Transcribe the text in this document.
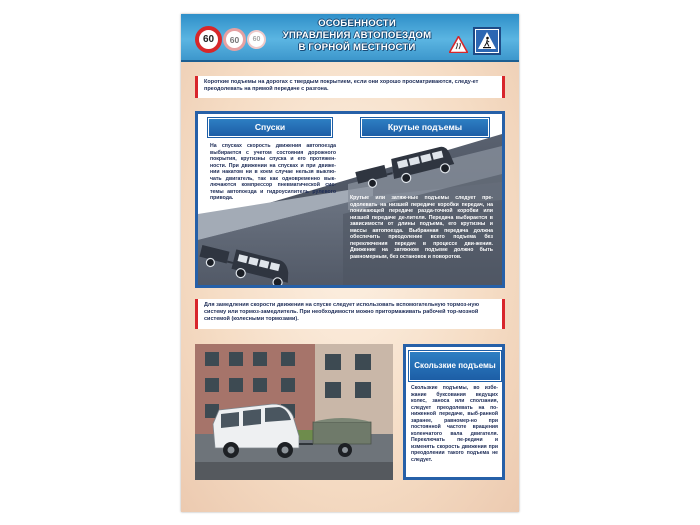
60 60 60
ОСОБЕННОСТИ
УПРАВЛЕНИЯ АВТОПОЕЗДОМ
В ГОРНОЙ МЕСТНОСТИ
Короткие подъемы на дорогах с твердым покрытием, если они хорошо просматриваются, следу-ет преодолевать на прямой передаче с разгона.
Спуски	Крутые подъемы
На спусках скорость движения автопоезда выбирается с учетом состояния дорожного покрытия, крутизны спуска и его протяжен-ности. При движении на спусках и при движе-нии накатом ни в коем случае нельзя выклю-чать двигатель, так как одновременно вык-лючаются компрессор пневматической сис-темы автопоезда и гидроусилитель рулевого привода.	Крутые или затяж-ные подъемы следует пре-одолевать на низшей передаче коробки передач, на понижающей передаче разда-точной коробки или низшей передаче де-лителя. Передача выбирается в зависимости от длины подъема, его крутизны и массы автопоезда. Выбранная передача должна обеспечить преодоление всего подъема без переключения передач в процессе дви-жения. Движение на затяжном подъеме должно быть равномерным, без остановок и поворотов.
Для замедления скорости движения на спуске следует использовать вспомогательную тормоз-ную систему или тормоз-замедлитель. При необходимости можно притормаживать рабочей тор-мозной системой (колесными тормозами).
Скользкие подъемы
Скользкие подъемы, во избе-жание буксования ведущих колес, заноса или сползания, следует преодолевать на по-ниженной передаче, выб-ранной заранее, равномер-но при постоянной частоте вращения коленчатого вала двигателя. Переключать пе-редачи и изменять скорость движения при преодолении такого подъема не следует.
